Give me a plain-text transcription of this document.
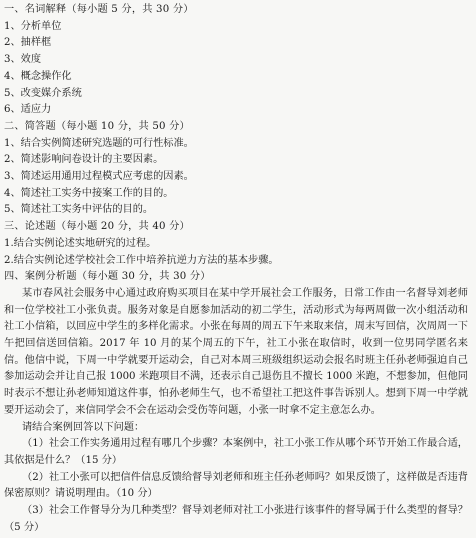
一、名词解释（每小题 5 分，共 30 分）
1、分析单位
2、抽样框
3、效度
4、概念操作化
5、改变媒介系统
6、适应力
二、简答题（每小题 10 分，共 50 分）
1、结合实例简述研究选题的可行性标准。
2、简述影响问卷设计的主要因素。
3、简述运用通用过程模式应考虑的因素。
4、简述社工实务中接案工作的目的。
5、简述社工实务中评估的目的。
三、论述题（每小题 20 分，共 40 分）
1.结合实例论述实地研究的过程。
2.结合实例论述学校社会工作中培养抗逆力方法的基本步骤。
四、案例分析题（每小题 30 分，共 30 分）

某市春风社会服务中心通过政府购买项目在某中学开展社会工作服务，日常工作由一名督导刘老师和一位学校社工小张负责。服务对象是自愿参加活动的初二学生，活动形式为每两周做一次小组活动和社工小信箱，以回应中学生的多样化需求。小张在每周的周五下午来取来信，周末写回信，次周周一下午把回信送回信箱。2017 年 10 月的某个周五的下午，社工小张在取信时，收到一位男同学匿名来信。他信中说，下周一中学就要开运动会，自己对本周三班级组织运动会报名时班主任孙老师强迫自己参加运动会并让自己报 1000 米跑项目不满，还表示自己退伤且不擅长 1000 米跑，不想参加，但他同时表示不想让孙老师知道这件事，怕孙老师生气，也不希望社工把这件事告诉别人。想到下周一中学就要开运动会了，来信同学会不会在运动会受伤等问题，小张一时拿不定主意怎么办。

请结合案例回答以下问题：

（1）社会工作实务通用过程有哪几个步骤？本案例中，社工小张工作从哪个环节开始工作最合适，其依据是什么？（15 分）

（2）社工小张可以把信件信息反馈给督导刘老师和班主任孙老师吗？如果反馈了，这样做是否违背保密原则？请说明理由。（10 分）

（3）社会工作督导分为几种类型？督导刘老师对社工小张进行该事件的督导属于什么类型的督导？（5 分）
